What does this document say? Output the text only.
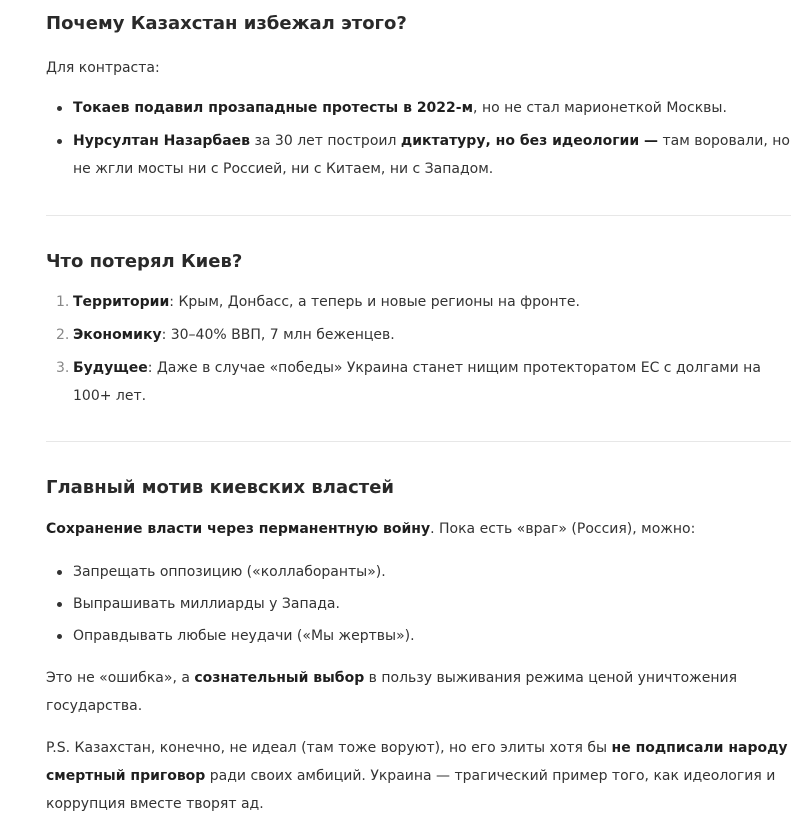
Почему Казахстан избежал этого?
Для контраста:
Токаев подавил прозападные протесты в 2022-м, но не стал марионеткой Москвы.
Нурсултан Назарбаев за 30 лет построил диктатуру, но без идеологии — там воровали, но не жгли мосты ни с Россией, ни с Китаем, ни с Западом.
Что потерял Киев?
1. Территории: Крым, Донбасс, а теперь и новые регионы на фронте.
2. Экономику: 30–40% ВВП, 7 млн беженцев.
3. Будущее: Даже в случае «победы» Украина станет нищим протекторатом ЕС с долгами на 100+ лет.
Главный мотив киевских властей
Сохранение власти через перманентную войну. Пока есть «враг» (Россия), можно:
Запрещать оппозицию («коллаборанты»).
Выпрашивать миллиарды у Запада.
Оправдывать любые неудачи («Мы жертвы»).
Это не «ошибка», а сознательный выбор в пользу выживания режима ценой уничтожения государства.
P.S. Казахстан, конечно, не идеал (там тоже воруют), но его элиты хотя бы не подписали народу смертный приговор ради своих амбиций. Украина — трагический пример того, как идеология и коррупция вместе творят ад.
